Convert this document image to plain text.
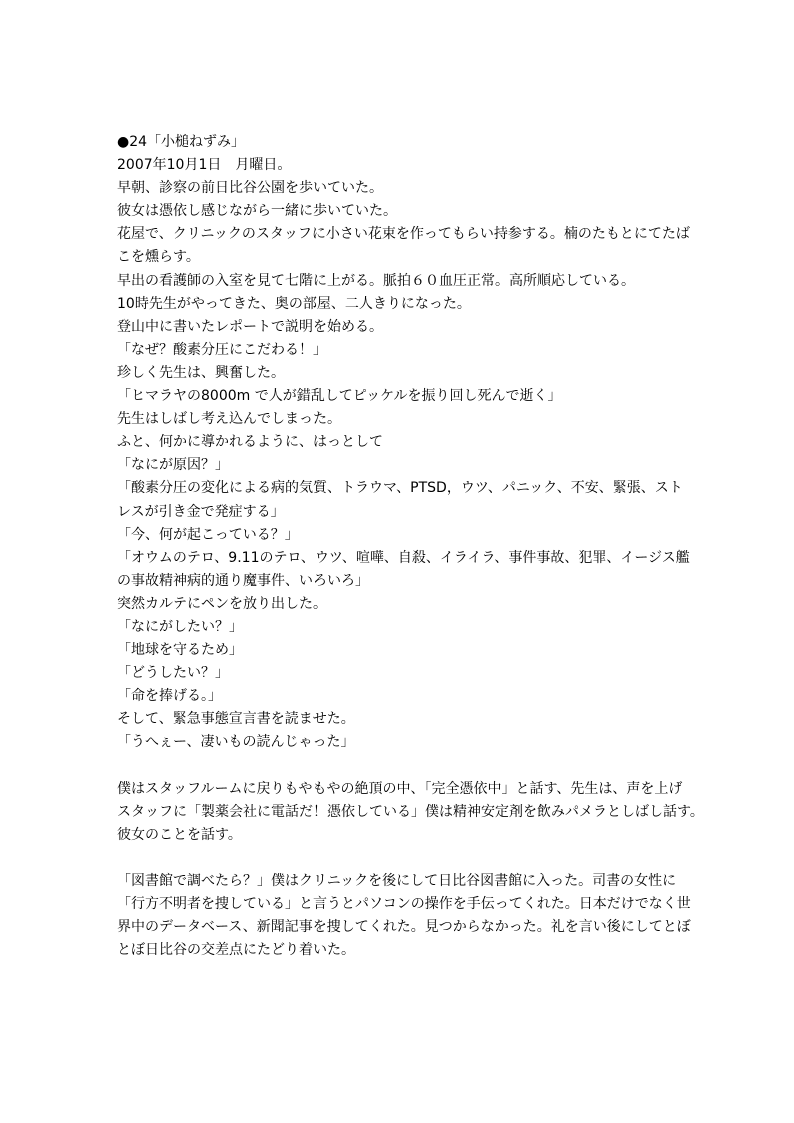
●24「小槌ねずみ」
2007年10月1日　月曜日。
早朝、診察の前日比谷公園を歩いていた。
彼女は憑依し感じながら一緒に歩いていた。
花屋で、クリニックのスタッフに小さい花束を作ってもらい持参する。楠のたもとにてたば
こを燻らす。
早出の看護師の入室を見て七階に上がる。脈拍６０血圧正常。高所順応している。
10時先生がやってきた、奥の部屋、二人きりになった。
登山中に書いたレポートで説明を始める。
「なぜ？酸素分圧にこだわる！」
珍しく先生は、興奮した。
「ヒマラヤの8000m で人が錯乱してピッケルを振り回し死んで逝く」
先生はしばし考え込んでしまった。
ふと、何かに導かれるように、はっとして
「なにが原因？」
「酸素分圧の変化による病的気質、トラウマ、PTSD，ウツ、パニック、不安、緊張、スト
レスが引き金で発症する」
「今、何が起こっている？」
「オウムのテロ、9.11のテロ、ウツ、喧嘩、自殺、イライラ、事件事故、犯罪、イージス艦
の事故精神病的通り魔事件、いろいろ」
突然カルテにペンを放り出した。
「なにがしたい？」
「地球を守るため」
「どうしたい？」
「命を捧げる。」
そして、緊急事態宣言書を読ませた。
「うへぇー、凄いもの読んじゃった」
僕はスタッフルームに戻りもやもやの絶頂の中、「完全憑依中」と話す、先生は、声を上げ
スタッフに「製薬会社に電話だ！憑依している」僕は精神安定剤を飲みパメラとしばし話す。
彼女のことを話す。
「図書館で調べたら？」僕はクリニックを後にして日比谷図書館に入った。司書の女性に
「行方不明者を捜している」と言うとパソコンの操作を手伝ってくれた。日本だけでなく世
界中のデータベース、新聞記事を捜してくれた。見つからなかった。礼を言い後にしてとぼ
とぼ日比谷の交差点にたどり着いた。
